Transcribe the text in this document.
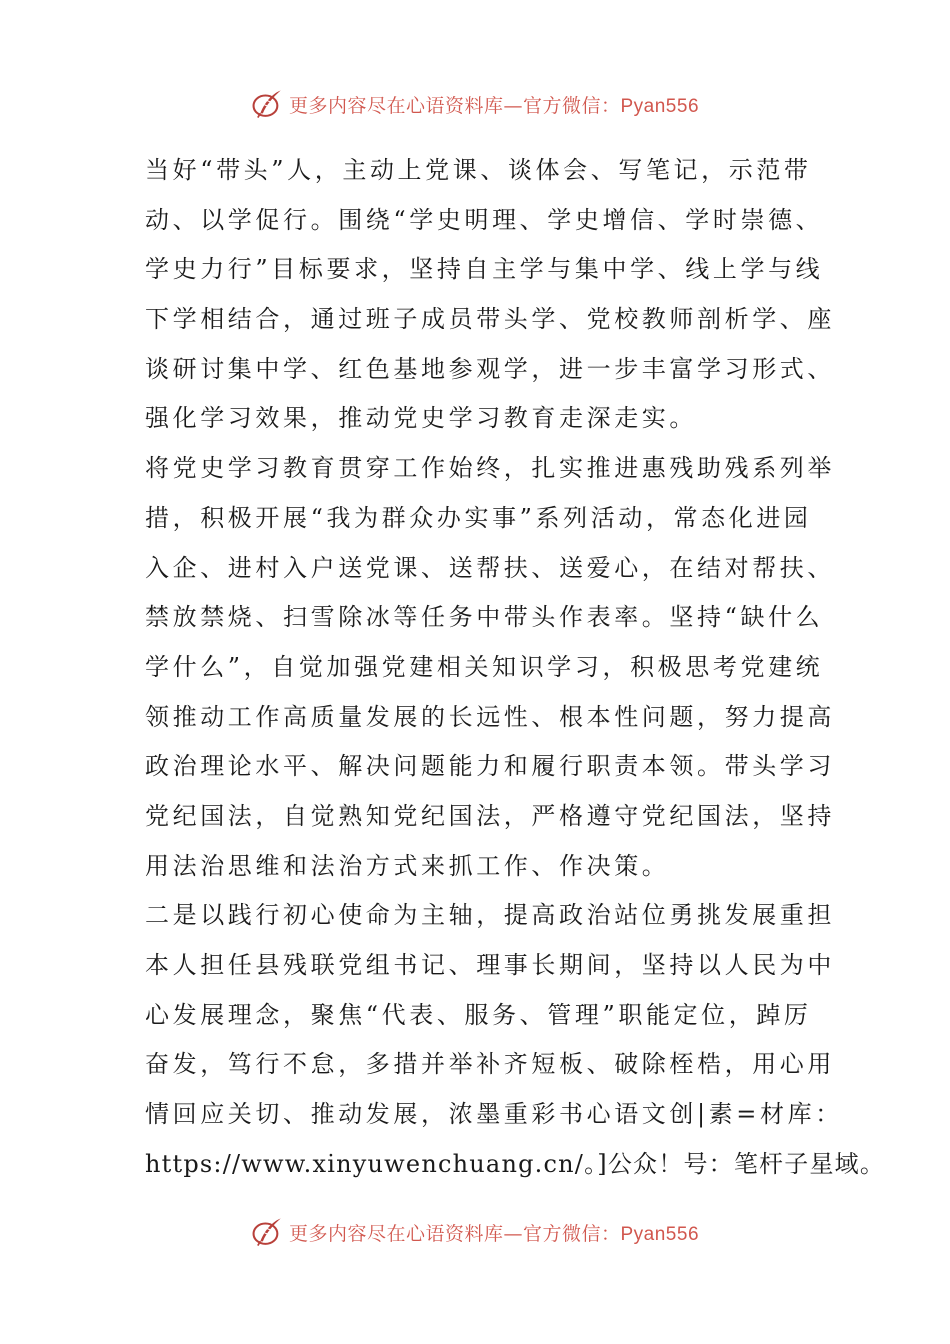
更多内容尽在心语资料库—官方微信：Pyan556
当好“带头”人，主动上党课、谈体会、写笔记，示范带
动、以学促行。围绕“学史明理、学史增信、学时崇德、
学史力行”目标要求，坚持自主学与集中学、线上学与线
下学相结合，通过班子成员带头学、党校教师剖析学、座
谈研讨集中学、红色基地参观学，进一步丰富学习形式、
强化学习效果，推动党史学习教育走深走实。
将党史学习教育贯穿工作始终，扎实推进惠残助残系列举
措，积极开展“我为群众办实事”系列活动，常态化进园
入企、进村入户送党课、送帮扶、送爱心，在结对帮扶、
禁放禁烧、扫雪除冰等任务中带头作表率。坚持“缺什么
学什么”，自觉加强党建相关知识学习，积极思考党建统
领推动工作高质量发展的长远性、根本性问题，努力提高
政治理论水平、解决问题能力和履行职责本领。带头学习
党纪国法，自觉熟知党纪国法，严格遵守党纪国法，坚持
用法治思维和法治方式来抓工作、作决策。
二是以践行初心使命为主轴，提高政治站位勇挑发展重担
本人担任县残联党组书记、理事长期间，坚持以人民为中
心发展理念，聚焦“代表、服务、管理”职能定位，踔厉
奋发，笃行不怠，多措并举补齐短板、破除桎梏，用心用
情回应关切、推动发展，浓墨重彩书心语文创|素=材库：
https://www.xinyuwenchuang.cn/。]公众！号：笔杆子星域。
更多内容尽在心语资料库—官方微信：Pyan556
